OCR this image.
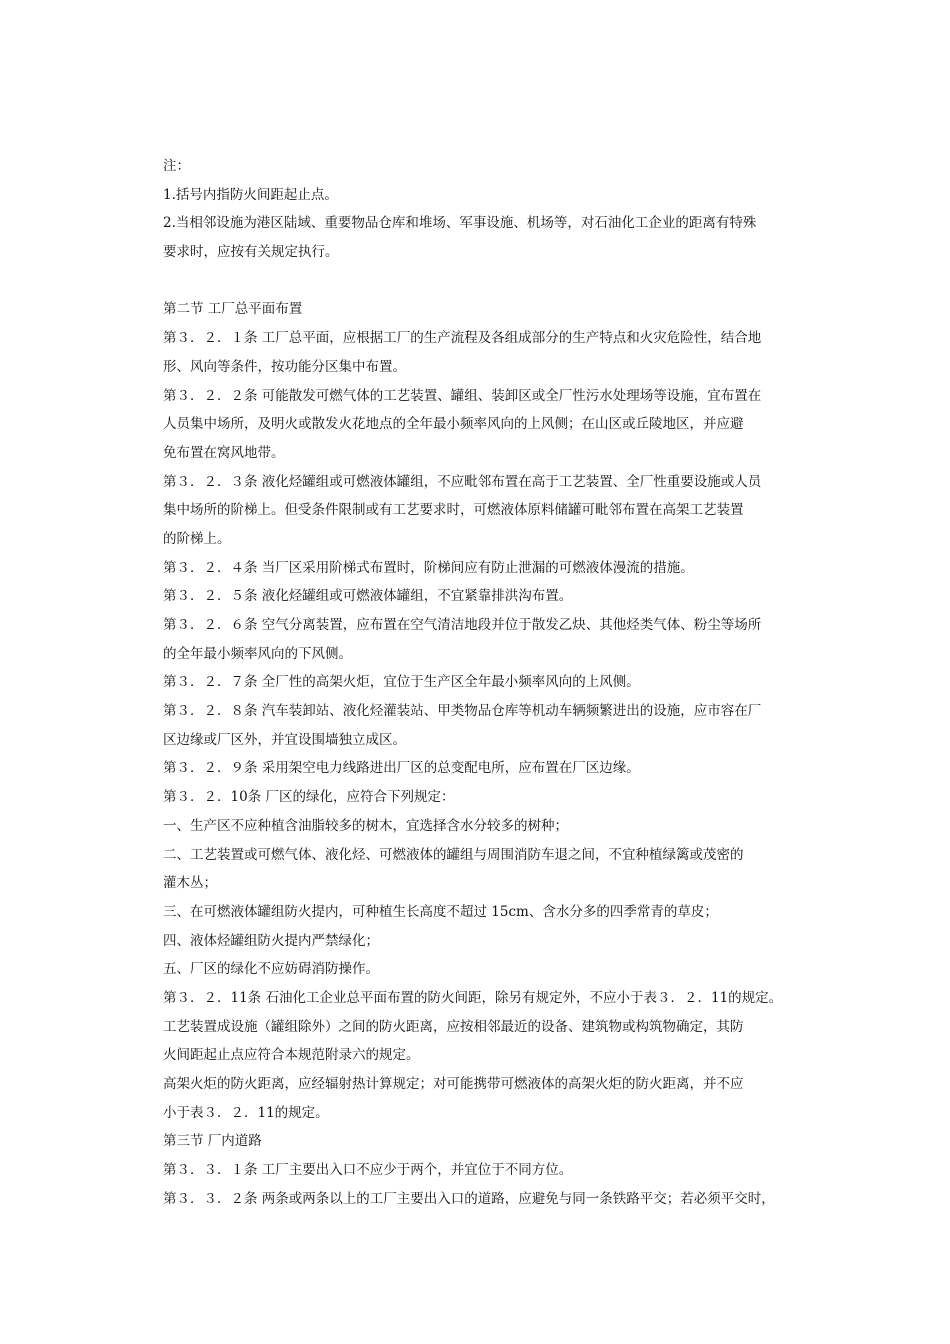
注：
1.括号内指防火间距起止点。
2.当相邻设施为港区陆域、重要物品仓库和堆场、军事设施、机场等，对石油化工企业的距离有特殊
要求时，应按有关规定执行。
第二节 工厂总平面布置
第３．２．１条 工厂总平面，应根据工厂的生产流程及各组成部分的生产特点和火灾危险性，结合地
形、风向等条件，按功能分区集中布置。
第３．２．２条 可能散发可燃气体的工艺装置、罐组、装卸区或全厂性污水处理场等设施，宜布置在
人员集中场所，及明火或散发火花地点的全年最小频率风向的上风侧；在山区或丘陵地区，并应避
免布置在窝风地带。
第３．２．３条 液化烃罐组或可燃液体罐组，不应毗邻布置在高于工艺装置、全厂性重要设施或人员
集中场所的阶梯上。但受条件限制或有工艺要求时，可燃液体原料储罐可毗邻布置在高架工艺装置
的阶梯上。
第３．２．４条 当厂区采用阶梯式布置时，阶梯间应有防止泄漏的可燃液体漫流的措施。
第３．２．５条 液化烃罐组或可燃液体罐组，不宜紧靠排洪沟布置。
第３．２．６条 空气分离装置，应布置在空气清洁地段并位于散发乙炔、其他烃类气体、粉尘等场所
的全年最小频率风向的下风侧。
第３．２．７条 全厂性的高架火炬，宜位于生产区全年最小频率风向的上风侧。
第３．２．８条 汽车装卸站、液化烃灌装站、甲类物品仓库等机动车辆频繁进出的设施，应市容在厂
区边缘或厂区外，并宜设围墙独立成区。
第３．２．９条 采用架空电力线路进出厂区的总变配电所，应布置在厂区边缘。
第３．２．10条 厂区的绿化，应符合下列规定：
一、生产区不应种植含油脂较多的树木，宜选择含水分较多的树种；
二、工艺装置或可燃气体、液化烃、可燃液体的罐组与周围消防车退之间，不宜种植绿篱或茂密的
灌木丛；
三、在可燃液体罐组防火提内，可种植生长高度不超过 15cm、含水分多的四季常青的草皮；
四、液体烃罐组防火提内严禁绿化；
五、厂区的绿化不应妨碍消防操作。
第３．２．11条 石油化工企业总平面布置的防火间距，除另有规定外，不应小于表３．２．11的规定。
工艺装置成设施（罐组除外）之间的防火距离，应按相邻最近的设备、建筑物或构筑物确定，其防
火间距起止点应符合本规范附录六的规定。
高架火炬的防火距离，应经辐射热计算规定；对可能携带可燃液体的高架火炬的防火距离，并不应
小于表３．２．11的规定。
第三节 厂内道路
第３．３．１条 工厂主要出入口不应少于两个，并宜位于不同方位。
第３．３．２条 两条或两条以上的工厂主要出入口的道路，应避免与同一条铁路平交；若必须平交时，
